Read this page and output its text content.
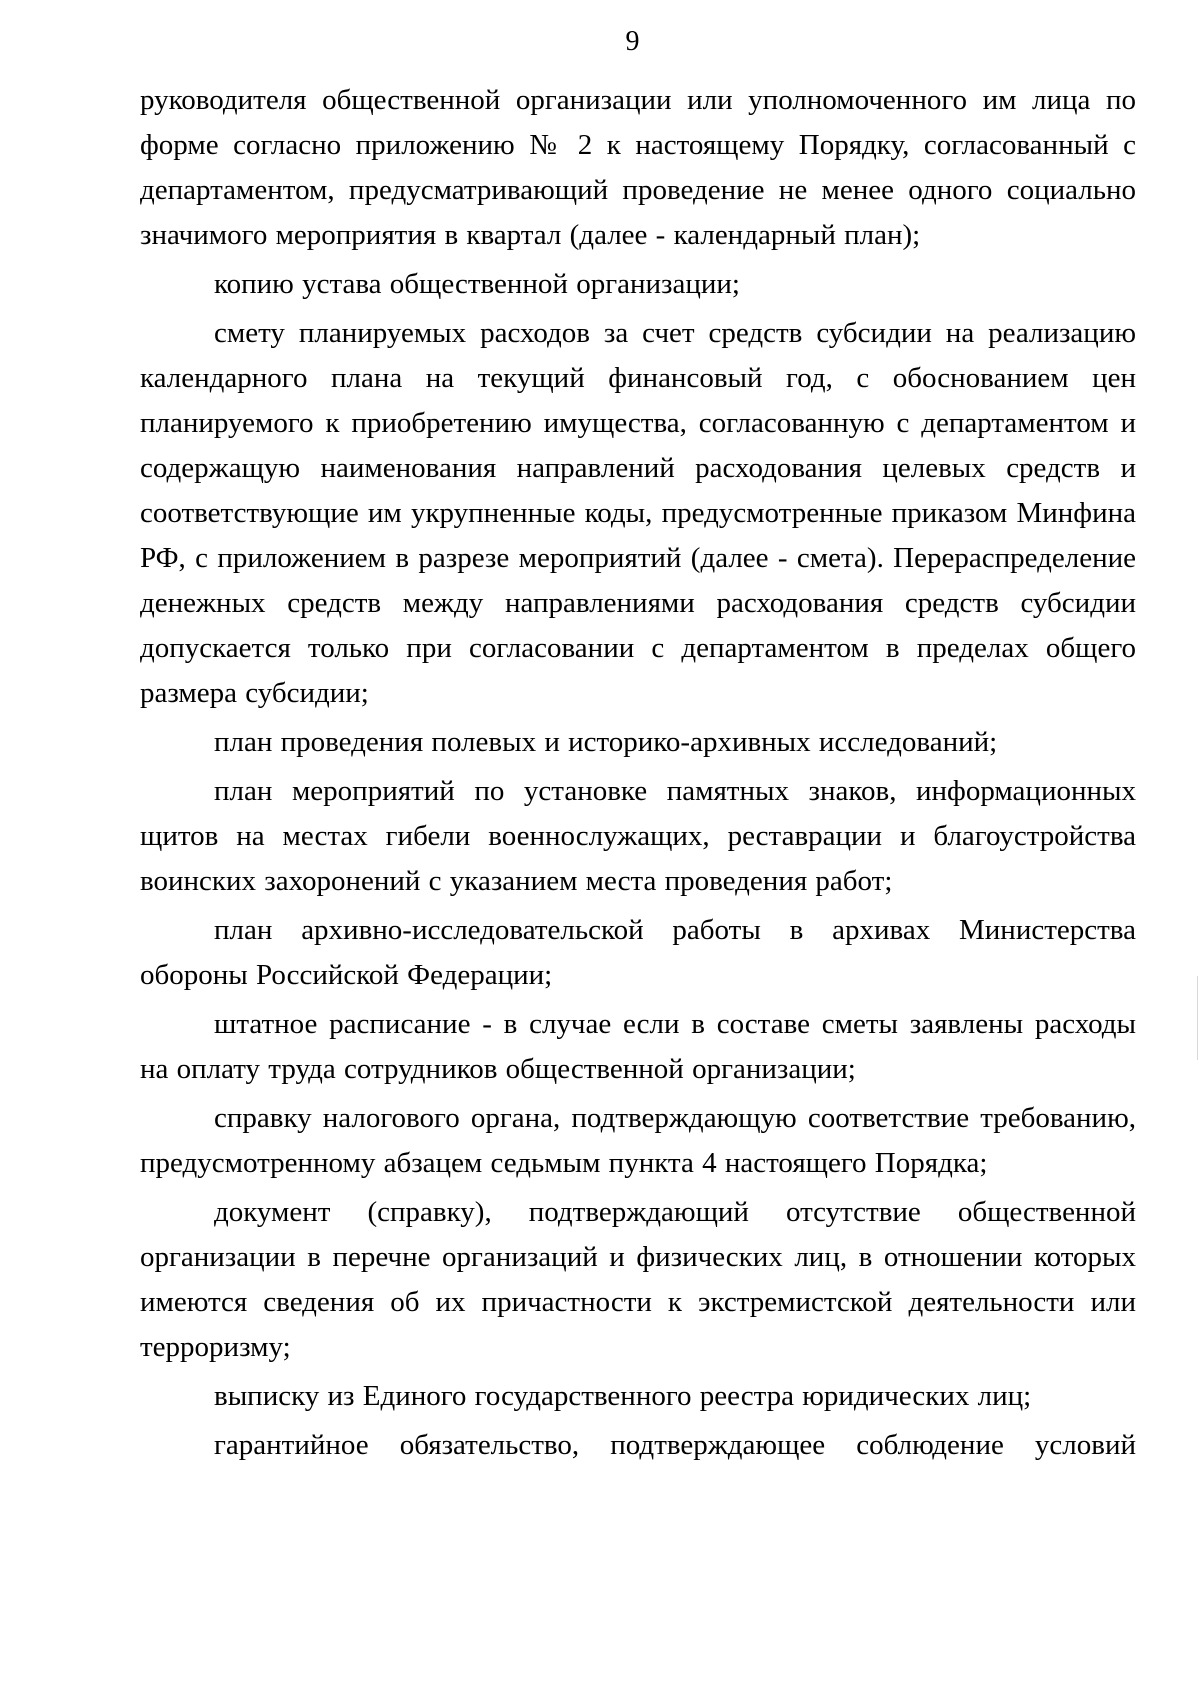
9

руководителя общественной организации или уполномоченного им лица по форме согласно приложению № 2 к настоящему Порядку, согласованный с департаментом, предусматривающий проведение не менее одного социально значимого мероприятия в квартал (далее - календарный план);

копию устава общественной организации;

смету планируемых расходов за счет средств субсидии на реализацию календарного плана на текущий финансовый год, с обоснованием цен планируемого к приобретению имущества, согласованную с департаментом и содержащую наименования направлений расходования целевых средств и соответствующие им укрупненные коды, предусмотренные приказом Минфина РФ, с приложением в разрезе мероприятий (далее - смета). Перераспределение денежных средств между направлениями расходования средств субсидии допускается только при согласовании с департаментом в пределах общего размера субсидии;

план проведения полевых и историко-архивных исследований;

план мероприятий по установке памятных знаков, информационных щитов на местах гибели военнослужащих, реставрации и благоустройства воинских захоронений с указанием места проведения работ;

план архивно-исследовательской работы в архивах Министерства обороны Российской Федерации;

штатное расписание - в случае если в составе сметы заявлены расходы на оплату труда сотрудников общественной организации;

справку налогового органа, подтверждающую соответствие требованию, предусмотренному абзацем седьмым пункта 4 настоящего Порядка;

документ (справку), подтверждающий отсутствие общественной организации в перечне организаций и физических лиц, в отношении которых имеются сведения об их причастности к экстремистской деятельности или терроризму;

выписку из Единого государственного реестра юридических лиц;

гарантийное обязательство, подтверждающее соблюдение условий
